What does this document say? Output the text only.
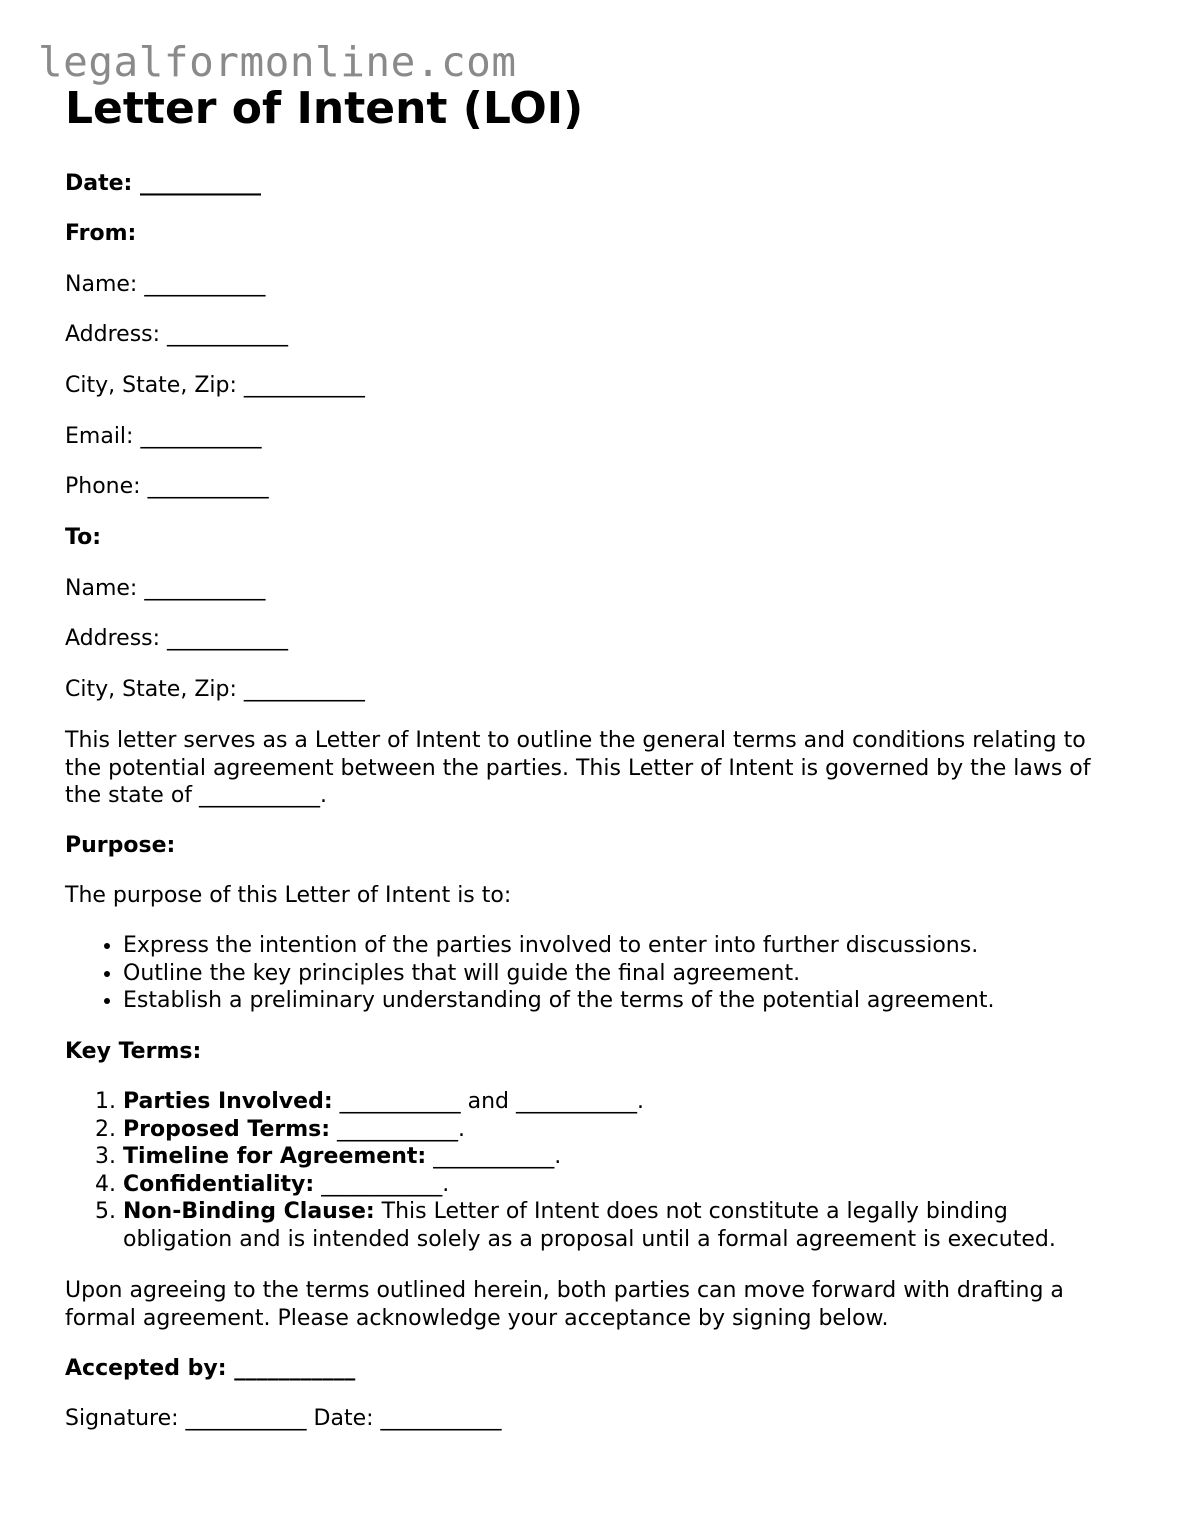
legalformonline.com
Letter of Intent (LOI)
Date: ___________
From:
Name: ___________
Address: ___________
City, State, Zip: ___________
Email: ___________
Phone: ___________
To:
Name: ___________
Address: ___________
City, State, Zip: ___________

This letter serves as a Letter of Intent to outline the general terms and conditions relating to the potential agreement between the parties. This Letter of Intent is governed by the laws of the state of ___________.

Purpose:
The purpose of this Letter of Intent is to:
• Express the intention of the parties involved to enter into further discussions.
• Outline the key principles that will guide the final agreement.
• Establish a preliminary understanding of the terms of the potential agreement.
Key Terms:
1. Parties Involved: ___________ and ___________.
2. Proposed Terms: ___________.
3. Timeline for Agreement: ___________.
4. Confidentiality: ___________.
5. Non-Binding Clause: This Letter of Intent does not constitute a legally binding obligation and is intended solely as a proposal until a formal agreement is executed.

Upon agreeing to the terms outlined herein, both parties can move forward with drafting a formal agreement. Please acknowledge your acceptance by signing below.

Accepted by: ___________
Signature: ___________ Date: ___________
